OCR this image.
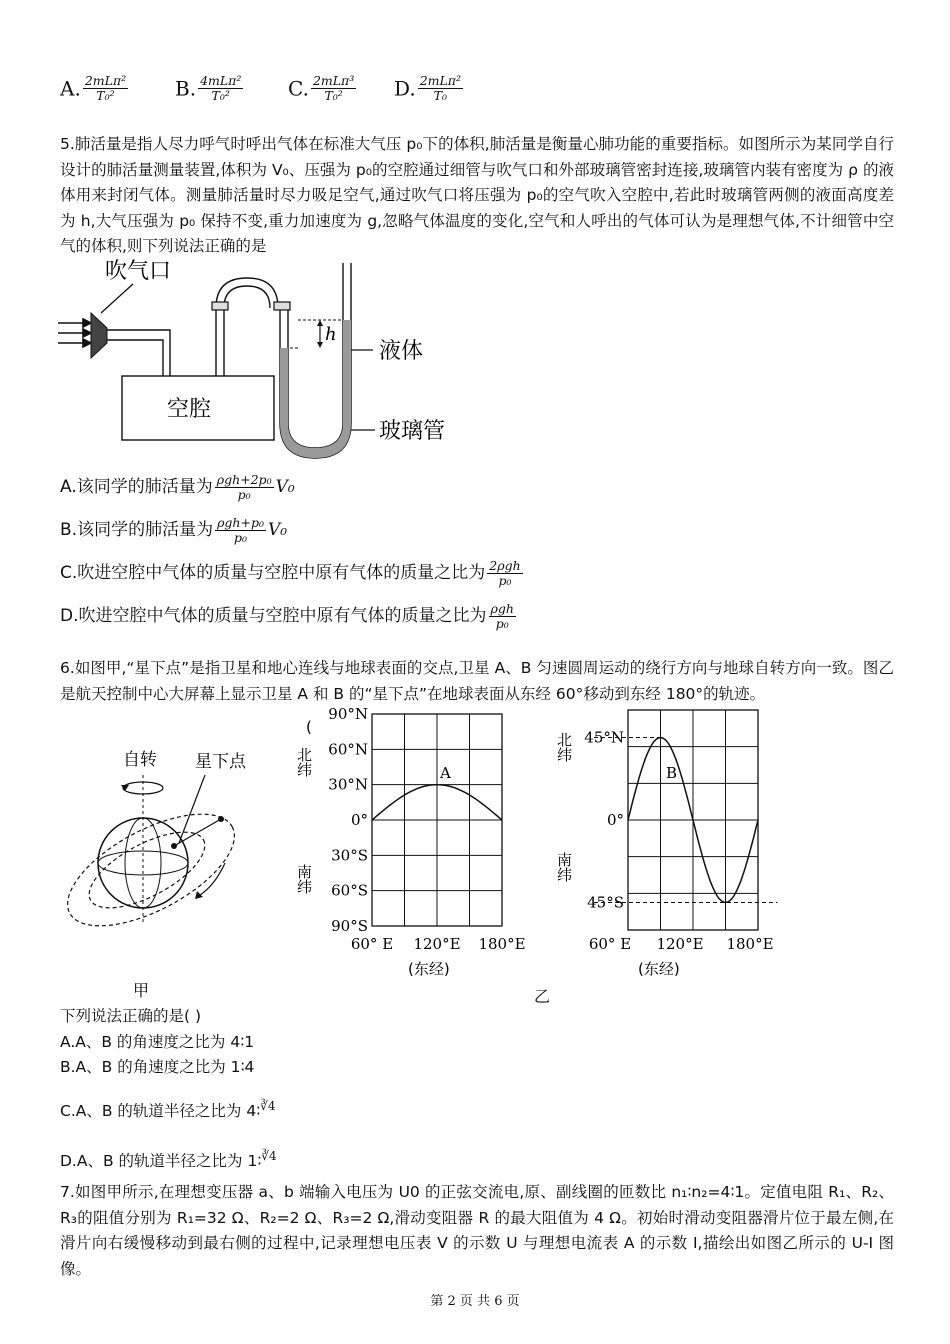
A. $\frac{\text{2mLπ²}}{\text{T₀²}} B$. $\frac{\text{4mLπ²}}{\text{T₀²}} C$. $\frac{\text{2mLπ³}}{\text{T₀²}} D$. $\frac{\text{2mLπ²}}{\text{T₀}}$
5.肺活量是指人尽力呼气时呼出气体在标准大气压 p₀下的体积,肺活量是衡量心肺功能的重要指标。如图所示为某同学自行设计的肺活量测量装置,体积为 V₀、压强为 p₀的空腔通过细管与吹气口和外部玻璃管密封连接,玻璃管内装有密度为 ρ 的液体用来封闭气体。测量肺活量时尽力吸足空气,通过吹气口将压强为 p₀的空气吹入空腔中,若此时玻璃管两侧的液面高度差为 h,大气压强为 p₀ 保持不变,重力加速度为 g,忽略气体温度的变化,空气和人呼出的气体可认为是理想气体,不计细管中空气的体积,则下列说法正确的是
空腔
吹气口
h
液体
玻璃管
A.该同学的肺活量为 $\frac{\text{ρgh+2p₀}}{\text{p₀}} V_0$
B.该同学的肺活量为 $\frac{\text{ρgh+p₀}}{\text{p₀}} V_0$
C.吹进空腔中气体的质量与空腔中原有气体的质量之比为 $\frac{\text{2ρgh}}{\text{p₀}}$
D.吹进空腔中气体的质量与空腔中原有气体的质量之比为 $\frac{\text{ρgh}}{\text{p₀}}$
6.如图甲,“星下点”是指卫星和地心连线与地球表面的交点,卫星 A、B 匀速圆周运动的绕行方向与地球自转方向一致。图乙是航天控制中心大屏幕上显示卫星 A 和 B 的“星下点”在地球表面从东经 60°移动到东经 180°的轨迹。
自转 星下点
甲
A
(
北纬
南纬
90°N
60°N
30°N
0°
30°S
60°S
90°S
60° E 120°E 180°E
(东经)
B
北纬
南纬
45°N
0°
45°S
60° E 120°E 180°E
(东经)
乙
下列说法正确的是( )
A.A、B 的角速度之比为 4∶1
B.A、B 的角速度之比为 1∶4
C.A、B 的轨道半径之比为 4∶$^{∛4}$
D.A、B 的轨道半径之比为 1∶$^{∛4}$
7.如图甲所示,在理想变压器 a、b 端输入电压为 U0 的正弦交流电,原、副线圈的匝数比 n₁∶n₂=4∶1。定值电阻 R₁、R₂、R₃的阻值分别为 R₁=32 Ω、R₂=2 Ω、R₃=2 Ω,滑动变阻器 R 的最大阻值为 4 Ω。初始时滑动变阻器滑片位于最左侧,在滑片向右缓慢移动到最右侧的过程中,记录理想电压表 V 的示数 U 与理想电流表 A 的示数 I,描绘出如图乙所示的 U-I 图像。
第 2 页 共 6 页
